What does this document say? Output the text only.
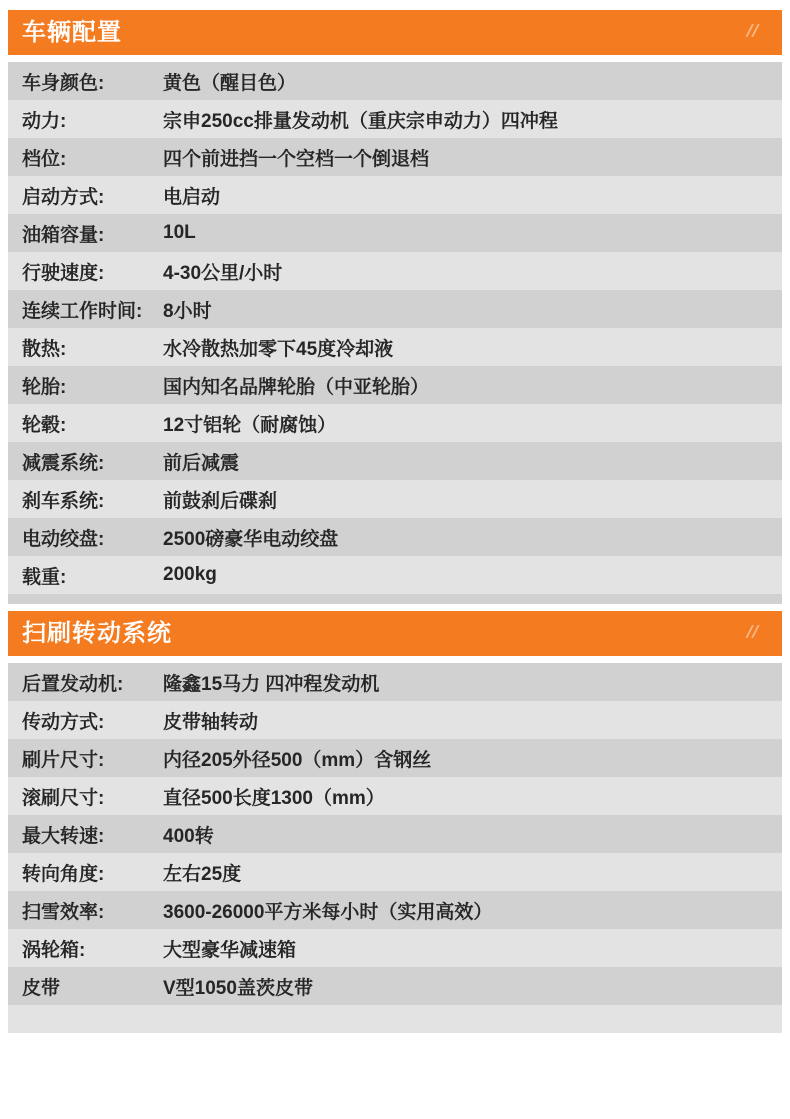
车辆配置	//
车身颜色:	黄色（醒目色）
动力:	宗申250cc排量发动机（重庆宗申动力）四冲程
档位:	四个前进挡一个空档一个倒退档
启动方式:	电启动
油箱容量:	10L
行驶速度:	4-30公里/小时
连续工作时间:	8小时
散热:	水冷散热加零下45度冷却液
轮胎:	国内知名品牌轮胎（中亚轮胎）
轮毂:	12寸铝轮（耐腐蚀）
减震系统:	前后减震
刹车系统:	前鼓刹后碟刹
电动绞盘:	2500磅豪华电动绞盘
载重:	200kg
扫刷转动系统	//
后置发动机:	隆鑫15马力 四冲程发动机
传动方式:	皮带轴转动
刷片尺寸:	内径205外径500（mm）含钢丝
滚刷尺寸:	直径500长度1300（mm）
最大转速:	400转
转向角度:	左右25度
扫雪效率:	3600-26000平方米每小时（实用高效）
涡轮箱:	大型豪华减速箱
皮带	V型1050盖茨皮带
